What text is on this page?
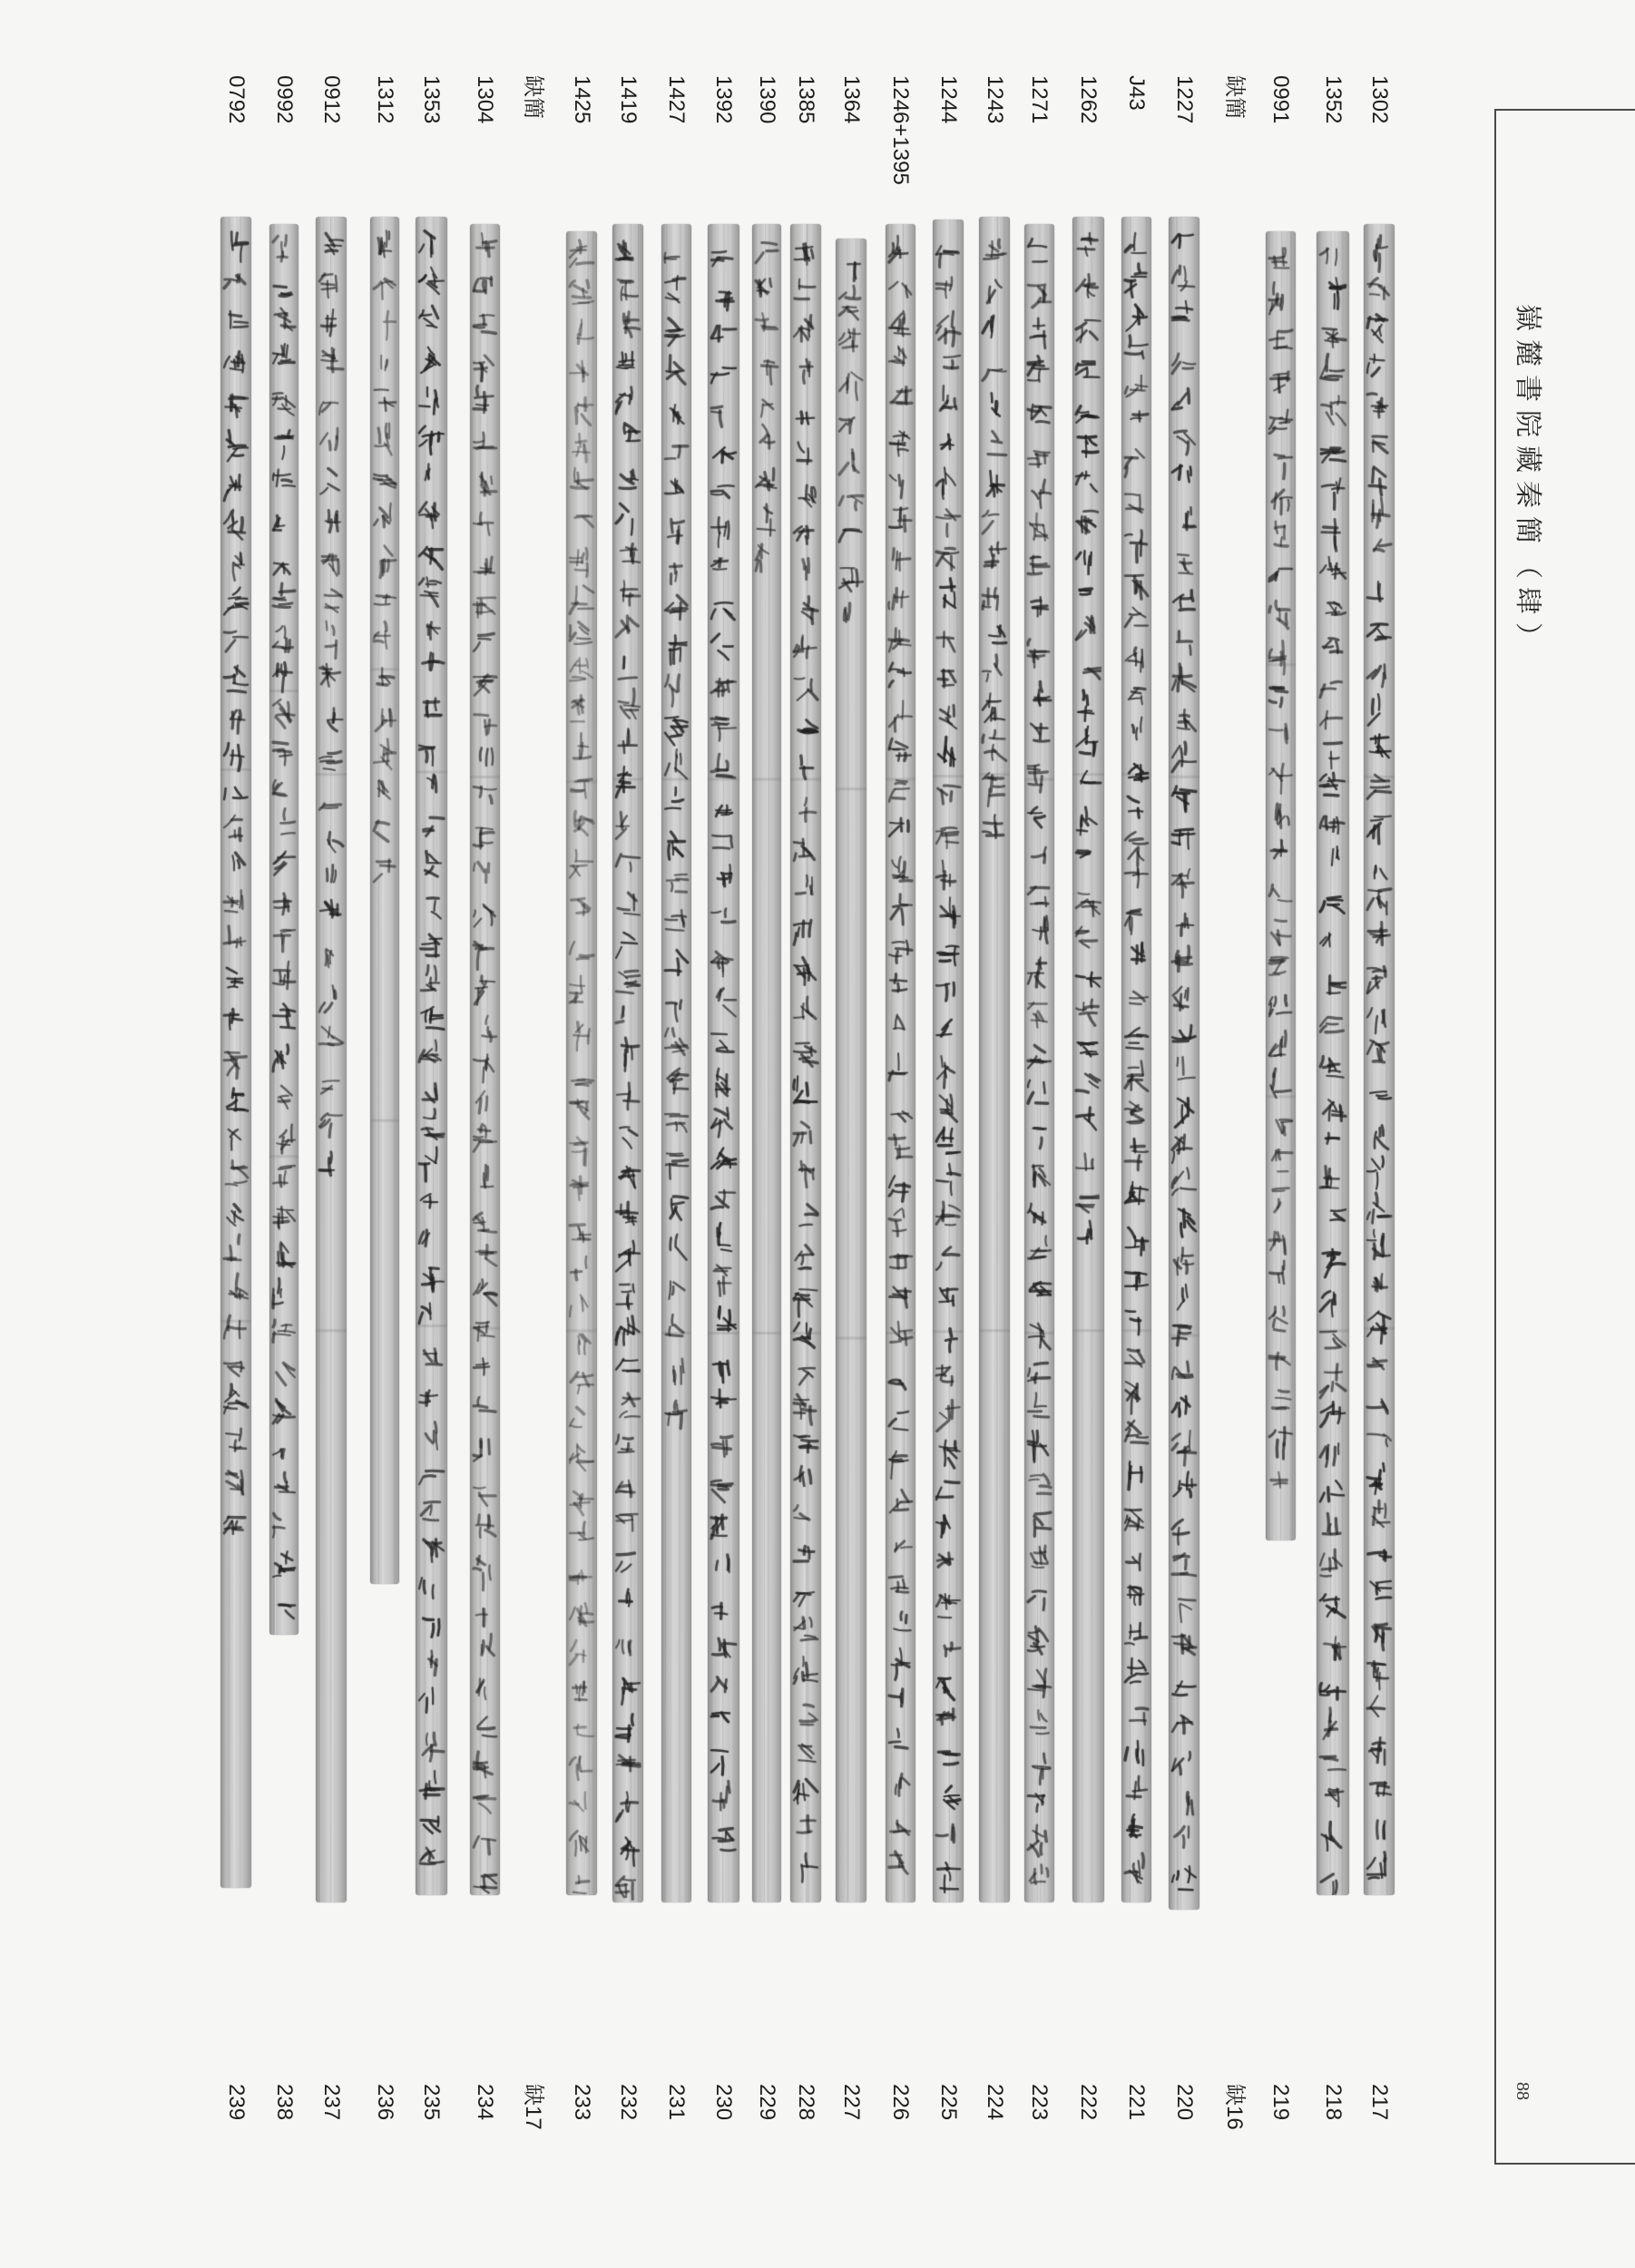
嶽麓書院藏秦簡（肆）
88
1302
217
1352
218
0991
219
缺簡
缺16
1227
220
J43
221
1262
222
1271
223
1243
224
1244
225
1246+1395
226
1364
227
1385
228
1390
229
1392
230
1427
231
1419
232
1425
233
缺簡
缺17
1304
234
1353
235
1312
236
0912
237
0992
238
0792
239
